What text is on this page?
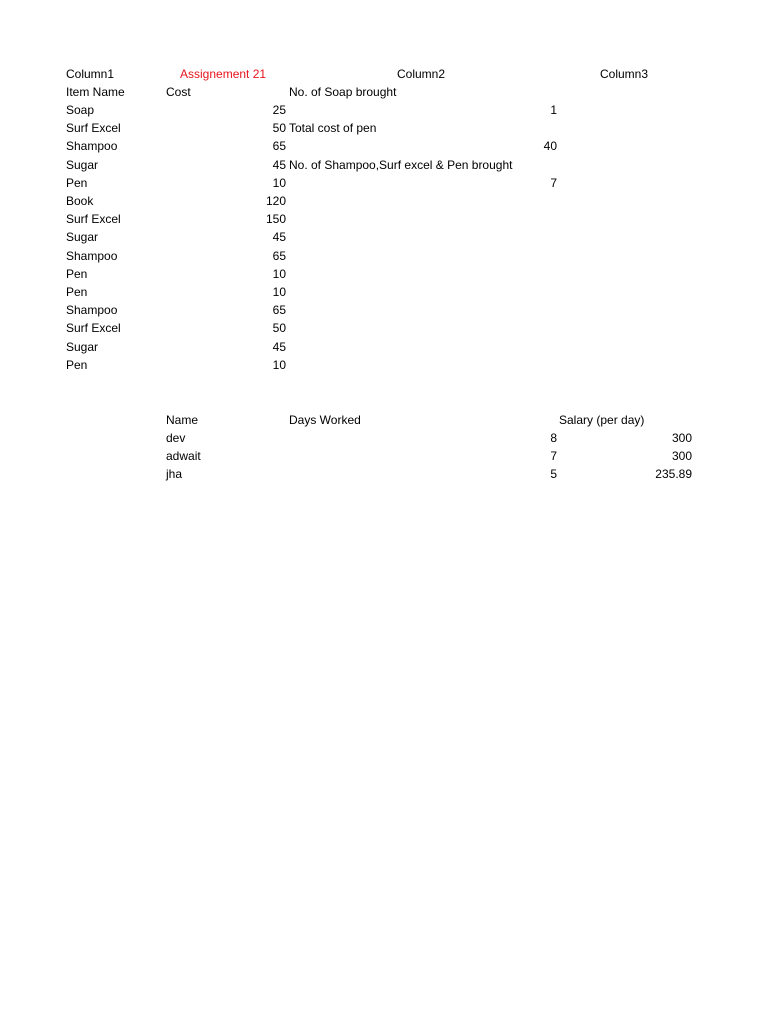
Column1	Assignement 21	Column2	Column3
Item Name	Cost	No. of Soap brought
Soap	25	1
Surf Excel	50 Total cost of pen
Shampoo	65	40
Sugar	45 No. of Shampoo,Surf excel & Pen brought
Pen	10	7
Book	120
Surf Excel	150
Sugar	45
Shampoo	65
Pen	10
Pen	10
Shampoo	65
Surf Excel	50
Sugar	45
Pen	10
Name	Days Worked	Salary (per day)
dev	8	300
adwait	7	300
jha	5	235.89
